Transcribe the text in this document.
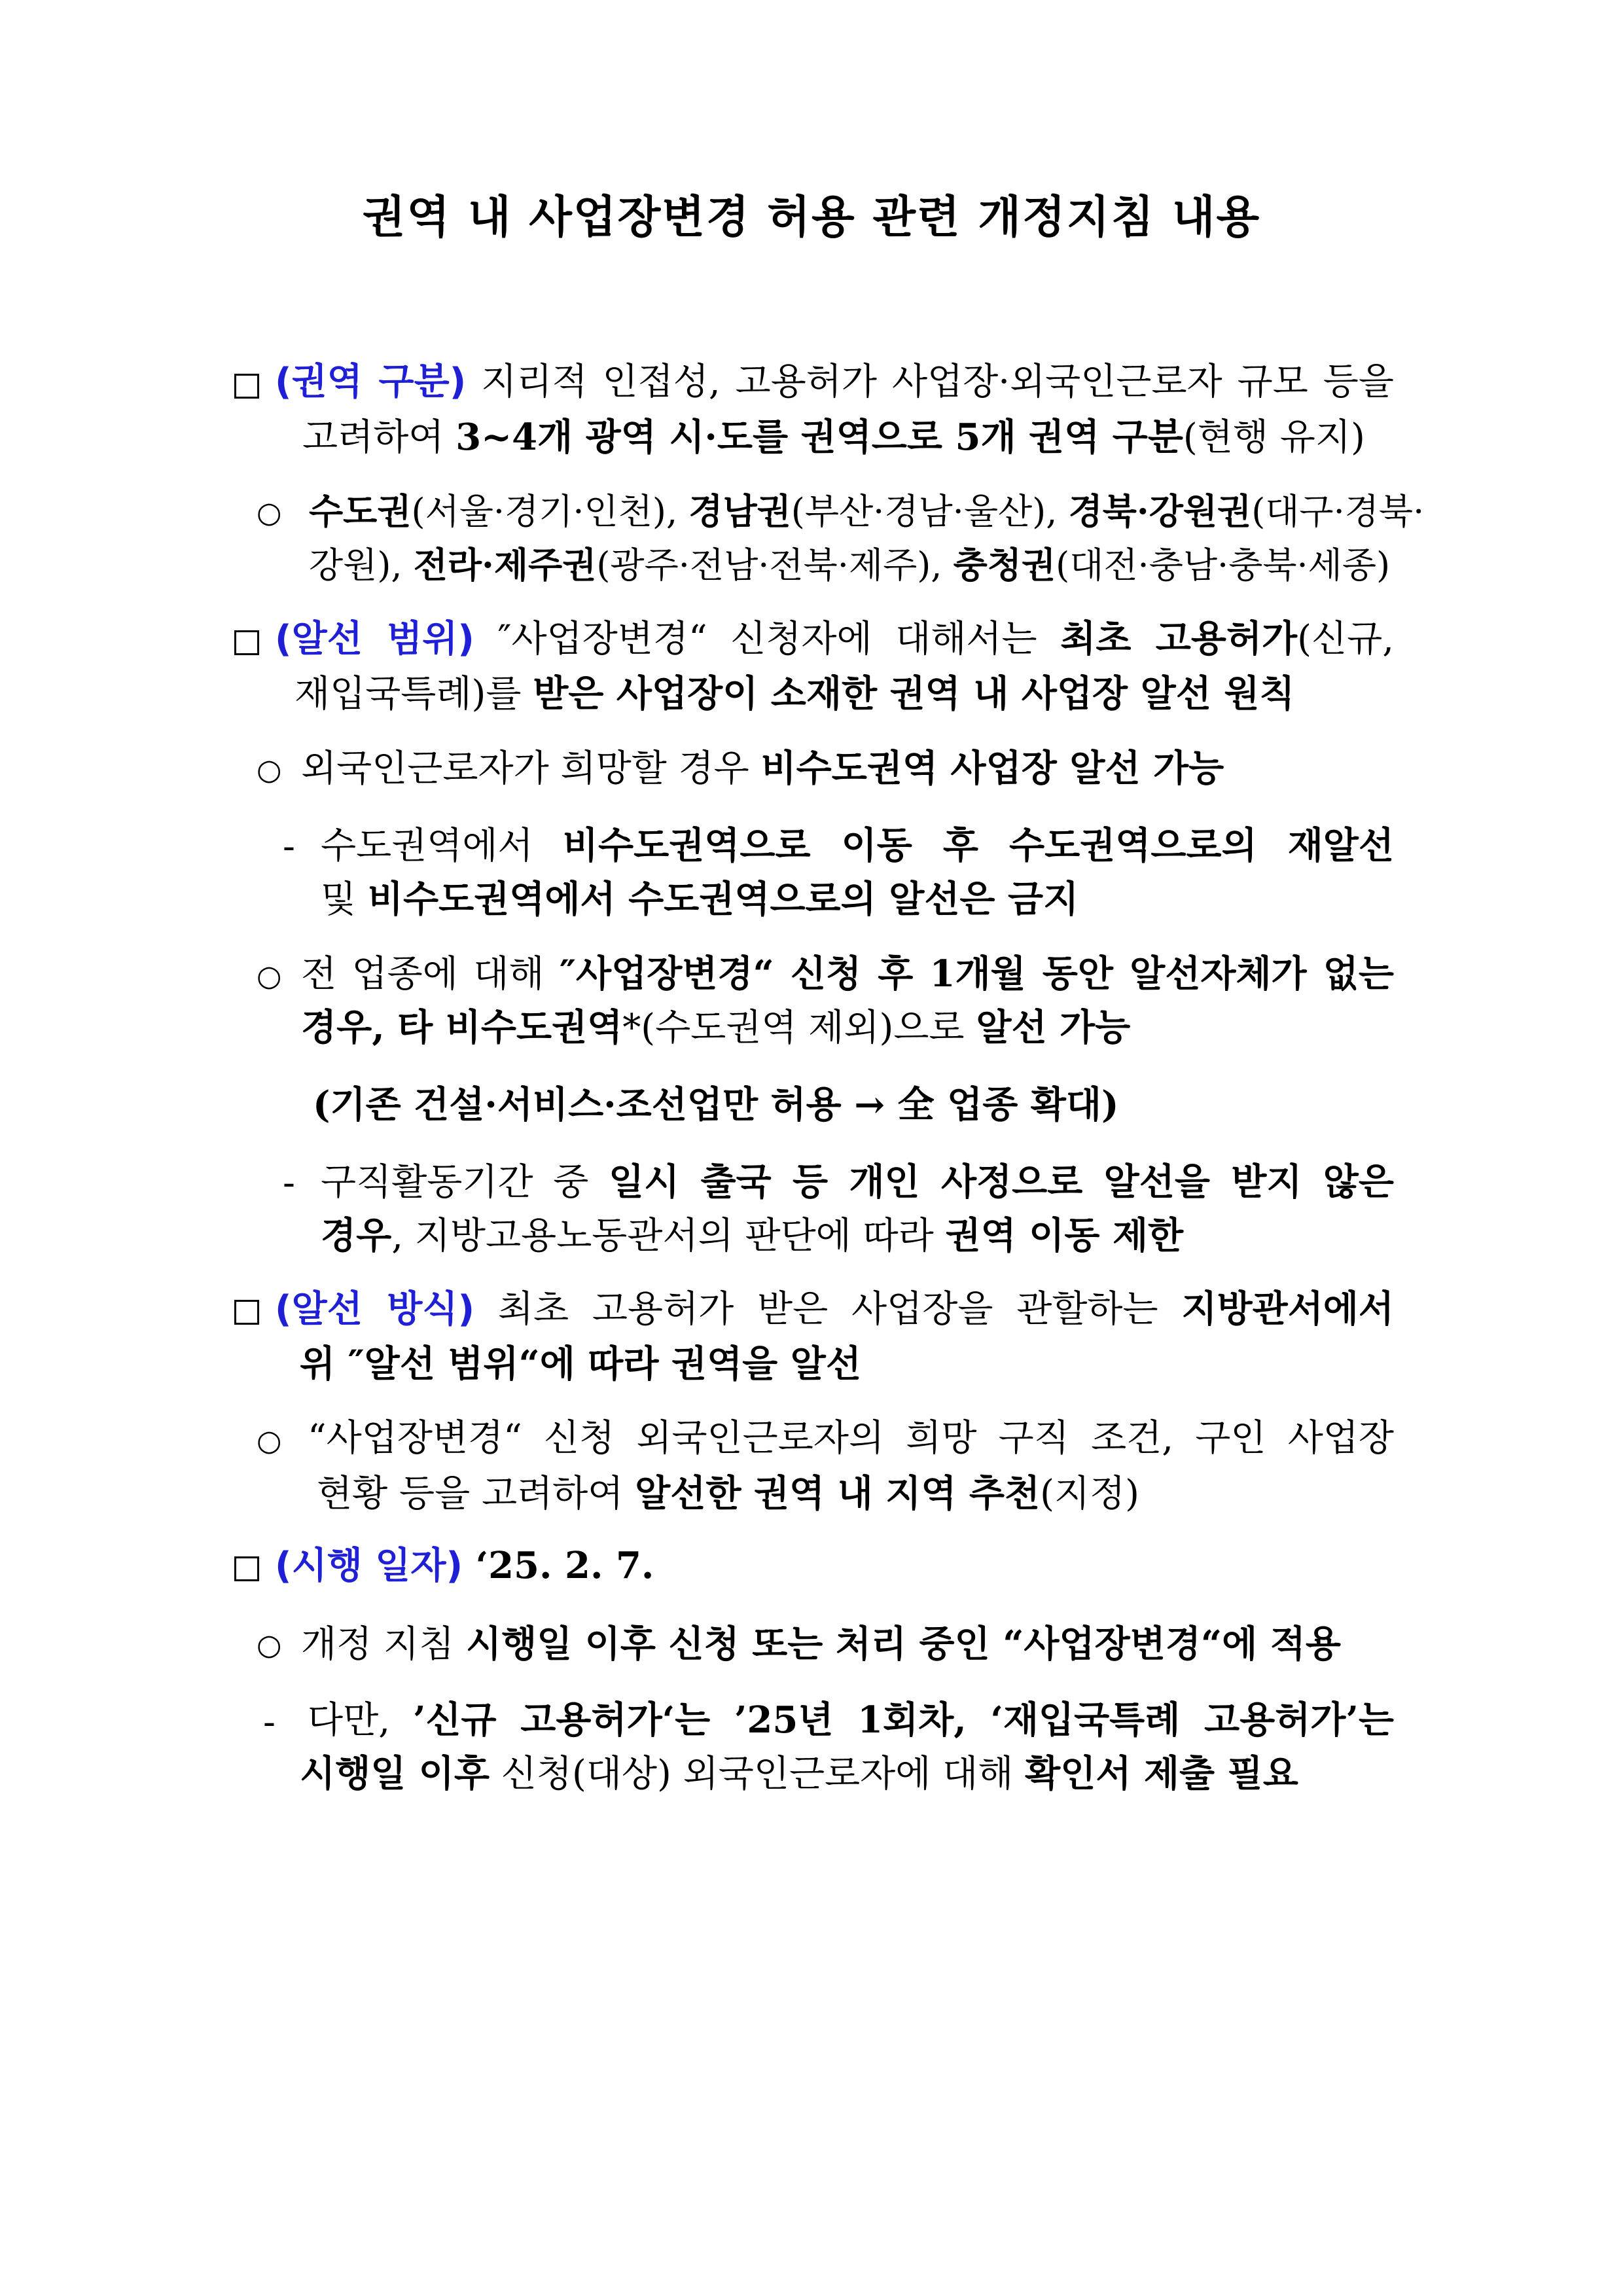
권역 내 사업장변경 허용 관련 개정지침 내용
(권역 구분) 지리적 인접성, 고용허가 사업장·외국인근로자 규모 등을
고려하여 3~4개 광역 시·도를 권역으로 5개 권역 구분(현행 유지)
○ 수도권(서울·경기·인천), 경남권(부산·경남·울산), 경북·강원권(대구·경북·
강원), 전라·제주권(광주·전남·전북·제주), 충청권(대전·충남·충북·세종)
(알선 범위) ″사업장변경“ 신청자에 대해서는 최초 고용허가(신규,
재입국특례)를 받은 사업장이 소재한 권역 내 사업장 알선 원칙
○ 외국인근로자가 희망할 경우 비수도권역 사업장 알선 가능
- 수도권역에서 비수도권역으로 이동 후 수도권역으로의 재알선
및 비수도권역에서 수도권역으로의 알선은 금지
○ 전 업종에 대해 ″사업장변경“ 신청 후 1개월 동안 알선자체가 없는
경우, 타 비수도권역*(수도권역 제외)으로 알선 가능
(기존 건설·서비스·조선업만 허용 → 全 업종 확대)
- 구직활동기간 중 일시 출국 등 개인 사정으로 알선을 받지 않은
경우, 지방고용노동관서의 판단에 따라 권역 이동 제한
(알선 방식) 최초 고용허가 받은 사업장을 관할하는 지방관서에서
위 ″알선 범위“에 따라 권역을 알선
○ “사업장변경“ 신청 외국인근로자의 희망 구직 조건, 구인 사업장
현황 등을 고려하여 알선한 권역 내 지역 추천(지정)
(시행 일자) ‘25. 2. 7.
○ 개정 지침 시행일 이후 신청 또는 처리 중인 “사업장변경“에 적용
- 다만, ’신규 고용허가‘는 ’25년 1회차, ‘재입국특례 고용허가’는
시행일 이후 신청(대상) 외국인근로자에 대해 확인서 제출 필요
